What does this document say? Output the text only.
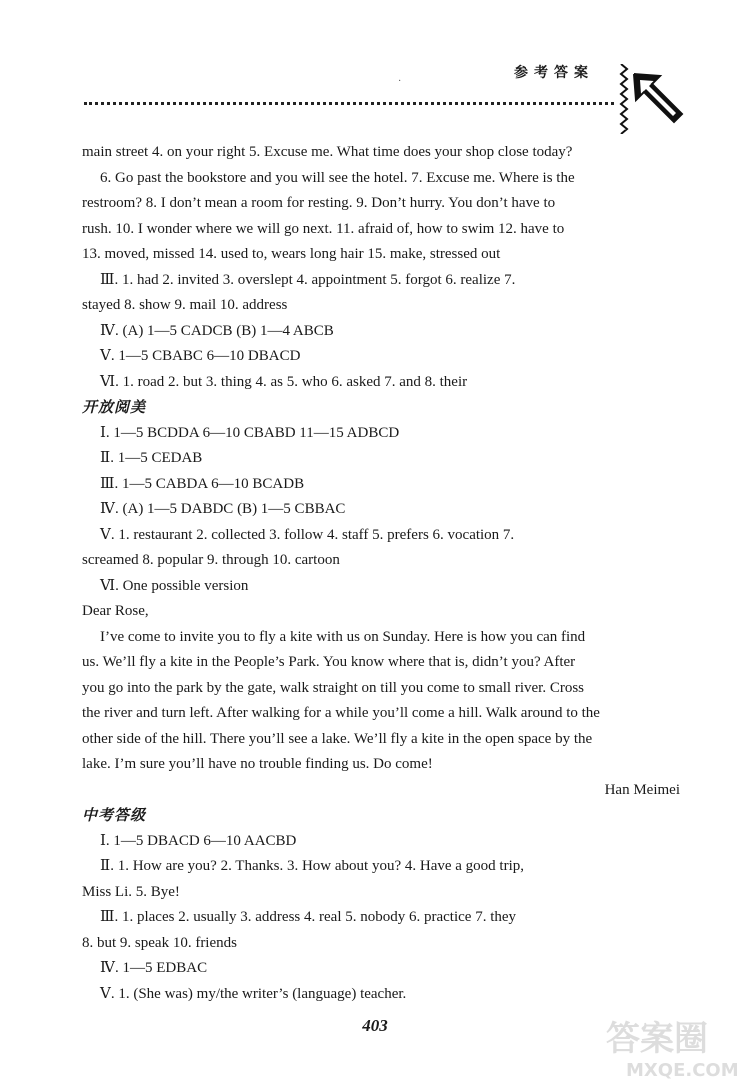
·
参考答案

main street 4. on your right 5. Excuse me. What time does your shop close today?

6. Go past the bookstore and you will see the hotel. 7. Excuse me. Where is the

restroom? 8. I don’t mean a room for resting. 9. Don’t hurry. You don’t have to

rush. 10. I wonder where we will go next. 11. afraid of, how to swim 12. have to

13. moved, missed 14. used to, wears long hair 15. make, stressed out

Ⅲ. 1. had 2. invited 3. overslept 4. appointment 5. forgot 6. realize 7.

stayed 8. show 9. mail 10. address

Ⅳ. (A) 1—5 CADCB (B) 1—4 ABCB

Ⅴ. 1—5 CBABC 6—10 DBACD

Ⅵ. 1. road 2. but 3. thing 4. as 5. who 6. asked 7. and 8. their

开放阅美

Ⅰ. 1—5 BCDDA 6—10 CBABD 11—15 ADBCD

Ⅱ. 1—5 CEDAB

Ⅲ. 1—5 CABDA 6—10 BCADB

Ⅳ. (A) 1—5 DABDC (B) 1—5 CBBAC

Ⅴ. 1. restaurant 2. collected 3. follow 4. staff 5. prefers 6. vocation 7.

screamed 8. popular 9. through 10. cartoon

Ⅵ. One possible version

Dear Rose,

I’ve come to invite you to fly a kite with us on Sunday. Here is how you can find

us. We’ll fly a kite in the People’s Park. You know where that is, didn’t you? After

you go into the park by the gate, walk straight on till you come to small river. Cross

the river and turn left. After walking for a while you’ll come a hill. Walk around to the

other side of the hill. There you’ll see a lake. We’ll fly a kite in the open space by the

lake. I’m sure you’ll have no trouble finding us. Do come!

Han Meimei

中考答级

Ⅰ. 1—5 DBACD 6—10 AACBD

Ⅱ. 1. How are you? 2. Thanks. 3. How about you? 4. Have a good trip,

Miss Li. 5. Bye!

Ⅲ. 1. places 2. usually 3. address 4. real 5. nobody 6. practice 7. they

8. but 9. speak 10. friends

Ⅳ. 1—5 EDBAC

Ⅴ. 1. (She was) my/the writer’s (language) teacher.

403	答案圈
MXQE.COM
